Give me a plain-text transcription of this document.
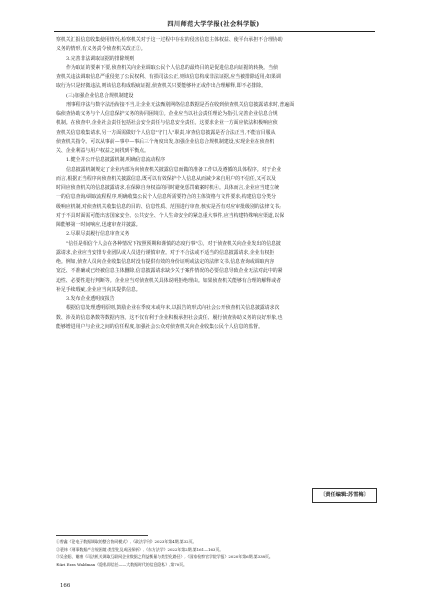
四川师范大学学报(社会科学版)

察机关汇报信息收集使用情况;检察机关对于这一过程中存在的侵害信息主体权益、使平台承担不合理协助

义务的情形,有义务责令侦查机关改正②。

3.完善非法调取证据的排除规则

作为取证的要素下要,侦查机关向企业调取公民个人信息的最终目的是促进信息向证据的转换。当侦

查机关违法调取信息严重侵犯了公民权利、有损司法公正,则该信息构成非法证据,应当被排除适用;如果调

取行为只是轻微违法,则该信息构成瑕疵证据,侦查机关只要能够补正或作出合理解释,即不必排除。

(三)加强企业信息合规机制建设

刑事程序法与数字法治衔接不当,让企业无法甄别网络信息数据是否在收到侦查机关信息披露请求时,普遍面

临侦查协助义务与个人信息保护义务的协同困境③。企业应当以社会责任理论为指引,完善企业信息合规

机制。在侦查中,企业社会责任包括社会安全责任与信息安全责任。这要求企业一方面应依法积极响应侦

查机关信息收集请求,另一方面需做好个人信息"守门人"职责,审查信息披露是否合法正当,不能盲目服从

侦查机关指令。可以从事前—事中—事后三个角度出发,加强企业信息合规机制建设,实现企业在侦查机

关、企业利益与用户权益之间找到平衡点。

1.健全并公开信息披露机制,明确信息流动程序

信息披露机制规定了企业内部为向侦查机关披露信息而做的准备工作以及遵循的具体程序。对于企业

而言,根据正当程序向侦查机关披露信息,既可以有效保护个人信息从而减少来自用户的不信任,又可以及

时回应侦查机关的信息披露请求,在保障自身权益的同时避免惩罚破案时机④。具体而言,企业应当建立统

一的信息查询/调取流程程序,明确收集公民个人信息所需要符合的主体资格与文件要求;构建信息分类分

级响应机制,对侦查机关收集信息的目的、信息性质、范围进行审查,核实是否有对应审批级别的法律文书;

对于不具时面需可能出害国家安全、公共安全、个人生命安全的紧急重大事件,应当构建特殊响应渠道,以保

障能够第一时间响应,迅速审查并披露。

2.尽职尽责履行信息审查义务

"信任是相信个人会在各种情况下按照预期和谨慎的态度行事"⑤。对于侦查机关向企业发出的信息披

露请求,企业应当安排专业团队或人员进行谨慎审查。对于不合法或不适当的信息披露请求,企业有权拒

绝。例如,侦查人员向企业收集信息时没有提供有效的身份证明或法定的法律文书,信息查询或调取内容

宽泛、不准确或已经被信息主体删除,信息披露请求缺少关于案件情况的必要信息导致企业无法对此中的紧

迫性、必要性进行判断等。企业应当对侦查机关具体说明拒绝理由。如果侦查机关能够有合理的解释或者

补足手续瑕疵,企业应当向其提供信息。

3.发布企业透明度报告

根据信息处理透明原则,鼓励企业在季度末或年末,以报告的形式向社会公开侦查机关信息披露请求次

数、涉及的信息条数等数据内容。这不仅有利于企业积极承担社会责任、履行侦查协助义务的良好形象,也

能够增进用户与企业之间的信任程度,加强社会公众对侦查机关向企业收集公民个人信息的监督。

〔责任编辑:苏雪梅〕

①曾鑫《论电子数据调取的整合协同模式》,《政法学刊》2023年第4期,第32页。

②裴炜《刑事数据产合规困境:类型化及成因探析》,《东方法学》2022年第2期,第161—163页。

③吴金阳、谢康《司法机关调取互联网企业数据之利益衡量与类型化路径》,《国家检察官学院学报》2020年第6期,第338页。

④Ari Ezra Waldman《隐私即信任——大数据时代的信息隐私》,第70页。

166
